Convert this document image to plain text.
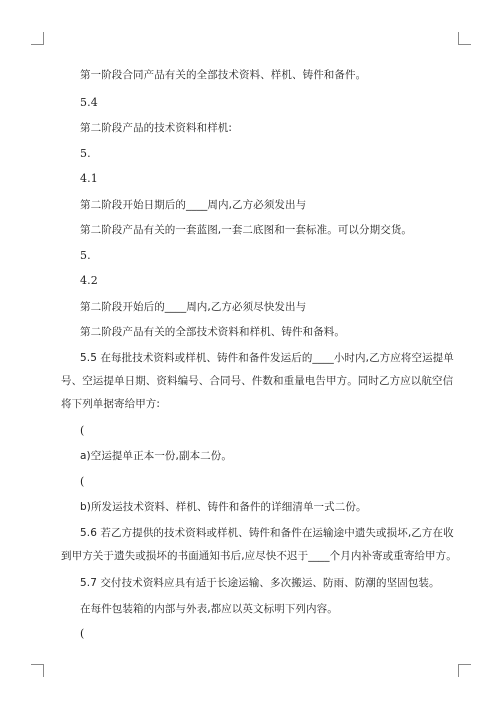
第一阶段合同产品有关的全部技术资料、样机、铸件和备件。
5.4
第二阶段产品的技术资料和样机:
5.
4.1
第二阶段开始日期后的____周内,乙方必须发出与
第二阶段产品有关的一套蓝图,一套二底图和一套标准。可以分期交货。
5.
4.2
第二阶段开始后的____周内,乙方必须尽快发出与
第二阶段产品有关的全部技术资料和样机、铸件和备料。
5.5 在每批技术资料或样机、铸件和备件发运后的____小时内,乙方应将空运提单
号、空运提单日期、资料编号、合同号、件数和重量电告甲方。同时乙方应以航空信
将下列单据寄给甲方:
(
a)空运提单正本一份,副本二份。
(
b)所发运技术资料、样机、铸件和备件的详细清单一式二份。
5.6 若乙方提供的技术资料或样机、铸件和备件在运输途中遗失或损坏,乙方在收
到甲方关于遗失或损坏的书面通知书后,应尽快不迟于____个月内补寄或重寄给甲方。
5.7 交付技术资料应具有适于长途运输、多次搬运、防雨、防潮的坚固包装。
在每件包装箱的内部与外表,都应以英文标明下列内容。
(
